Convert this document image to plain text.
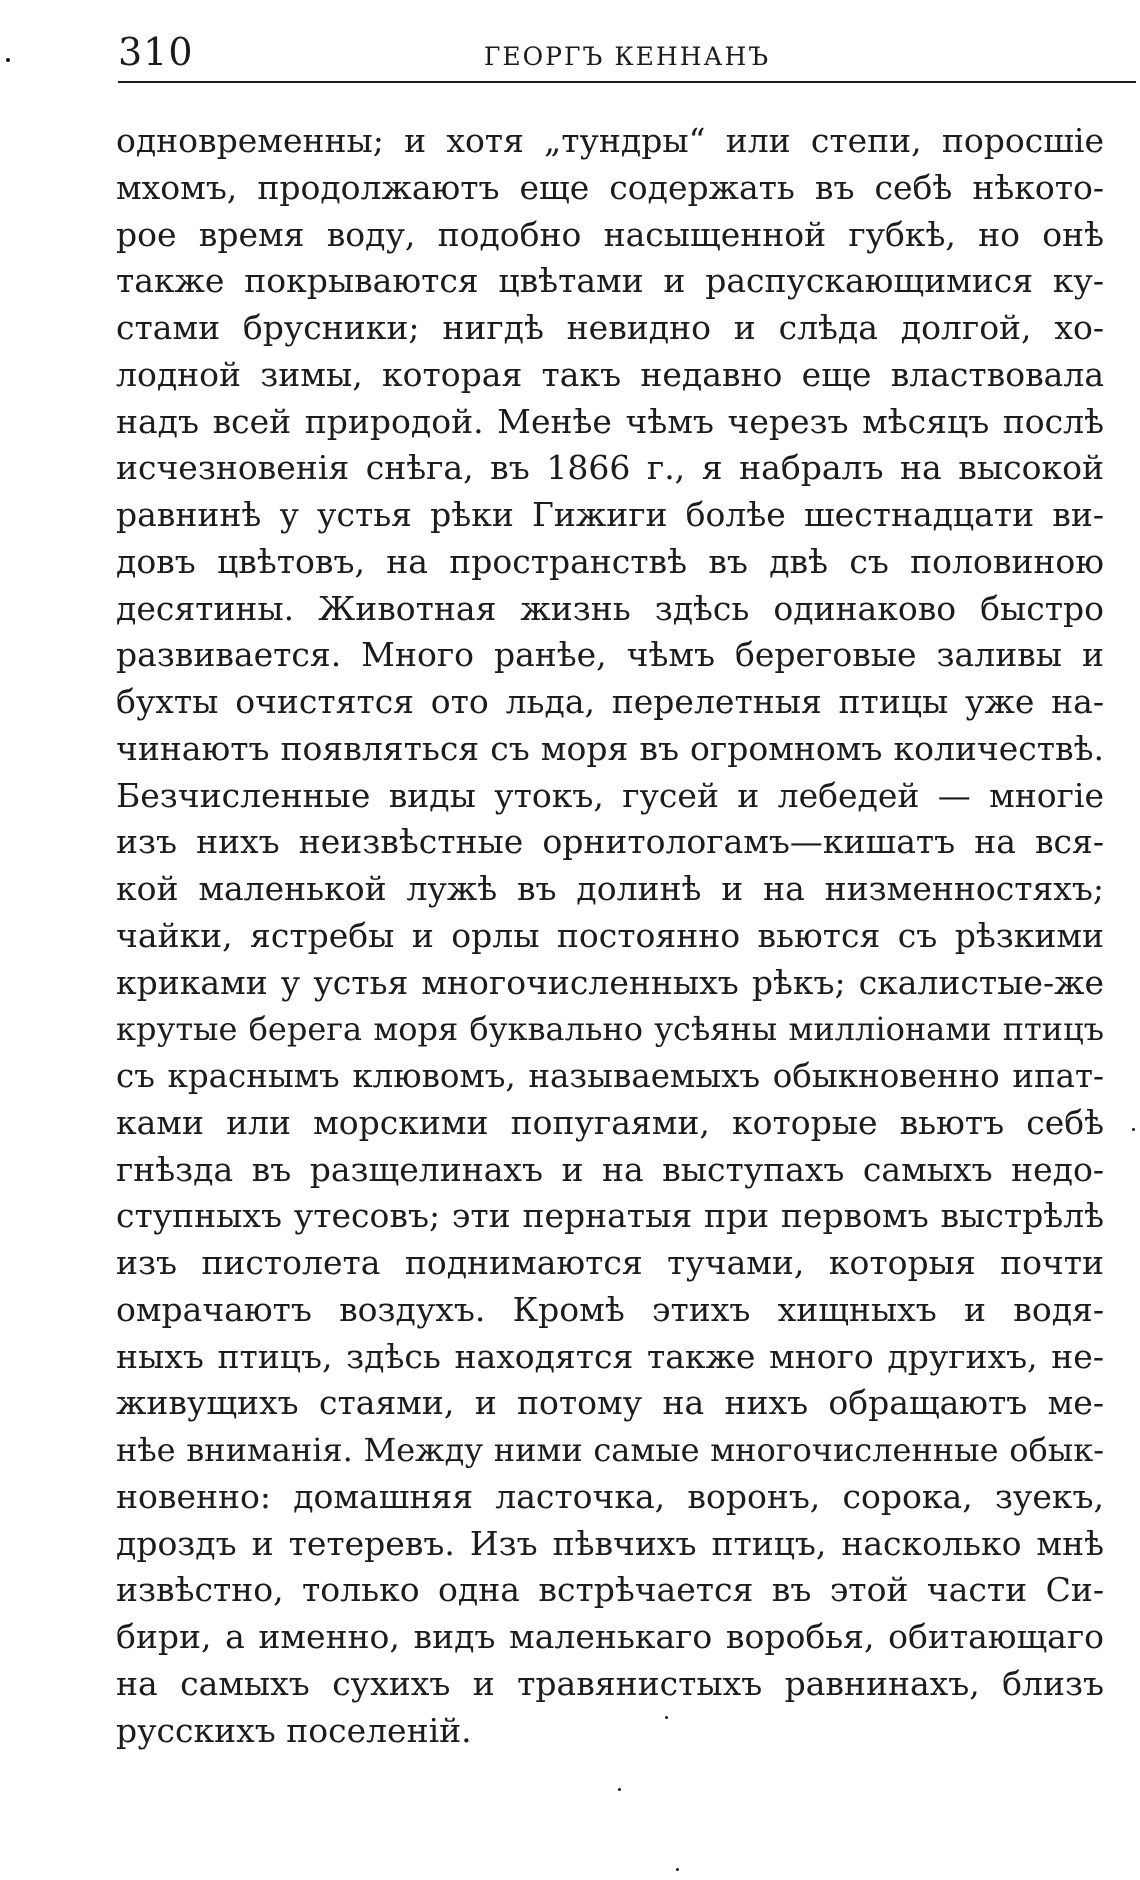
310	ГЕОРГЪ КЕННАНЪ
одновременны; и хотя „тундры“ или степи, поросшіе
мхомъ, продолжаютъ еще содержать въ себѣ нѣкото-
рое время воду, подобно насыщенной губкѣ, но онѣ
также покрываются цвѣтами и распускающимися ку-
стами брусники; нигдѣ невидно и слѣда долгой, хо-
лодной зимы, которая такъ недавно еще властвовала
надъ всей природой. Менѣе чѣмъ черезъ мѣсяцъ послѣ
исчезновенія снѣга, въ 1866 г., я набралъ на высокой
равнинѣ у устья рѣки Гижиги болѣе шестнадцати ви-
довъ цвѣтовъ, на пространствѣ въ двѣ съ половиною
десятины. Животная жизнь здѣсь одинаково быстро
развивается. Много ранѣе, чѣмъ береговые заливы и
бухты очистятся ото льда, перелетныя птицы уже на-
чинаютъ появляться съ моря въ огромномъ количествѣ.
Безчисленные виды утокъ, гусей и лебедей — многіе
изъ нихъ неизвѣстные орнитологамъ—кишатъ на вся-
кой маленькой лужѣ въ долинѣ и на низменностяхъ;
чайки, ястребы и орлы постоянно вьются съ рѣзкими
криками у устья многочисленныхъ рѣкъ; скалистые-же
крутые берега моря буквально усѣяны милліонами птицъ
съ краснымъ клювомъ, называемыхъ обыкновенно ипат-
ками или морскими попугаями, которые вьютъ себѣ
гнѣзда въ разщелинахъ и на выступахъ самыхъ недо-
ступныхъ утесовъ; эти пернатыя при первомъ выстрѣлѣ
изъ пистолета поднимаются тучами, которыя почти
омрачаютъ воздухъ. Кромѣ этихъ хищныхъ и водя-
ныхъ птицъ, здѣсь находятся также много другихъ, не-
живущихъ стаями, и потому на нихъ обращаютъ ме-
нѣе вниманія. Между ними самые многочисленные обык-
новенно: домашняя ласточка, воронъ, сорока, зуекъ,
дроздъ и тетеревъ. Изъ пѣвчихъ птицъ, насколько мнѣ
извѣстно, только одна встрѣчается въ этой части Си-
бири, а именно, видъ маленькаго воробья, обитающаго
на самыхъ сухихъ и травянистыхъ равнинахъ, близъ
русскихъ поселеній.
